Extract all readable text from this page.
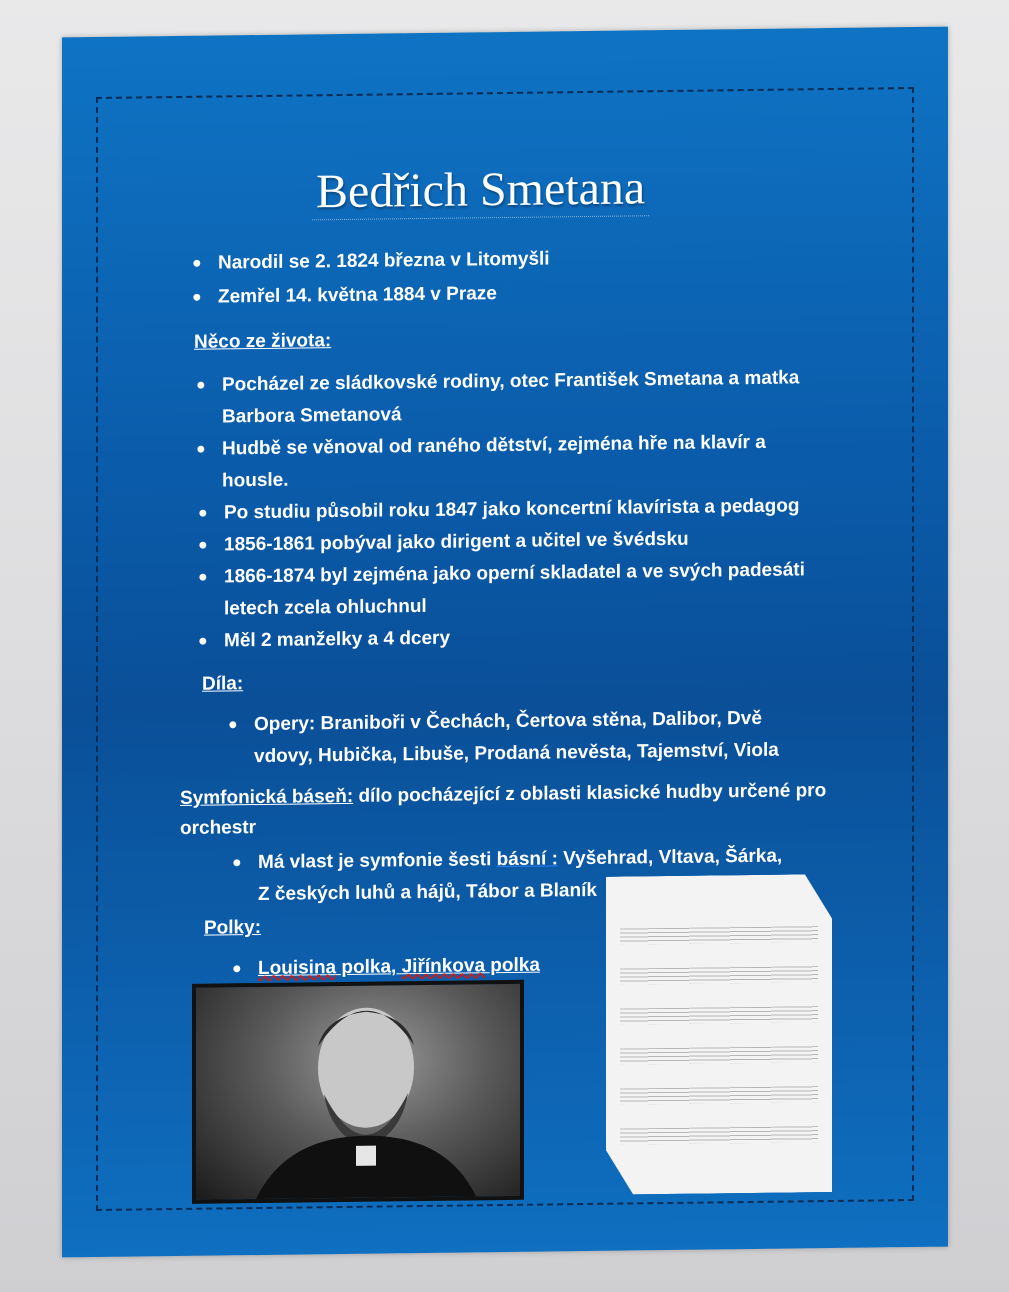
Bedřich Smetana
● Narodil se 2. 1824 března v Litomyšli
● Zemřel 14. května 1884 v Praze
Něco ze života:
● Pocházel ze sládkovské rodiny, otec František Smetana a matka
Barbora Smetanová
● Hudbě se věnoval od raného dětství, zejména hře na klavír a
housle.
● Po studiu působil roku 1847 jako koncertní klavírista a pedagog
● 1856-1861 pobýval jako dirigent a učitel ve švédsku
● 1866-1874 byl zejména jako operní skladatel a ve svých padesáti
letech zcela ohluchnul
● Měl 2 manželky a 4 dcery
Díla:
● Opery: Braniboři v Čechách, Čertova stěna, Dalibor, Dvě
vdovy, Hubička, Libuše, Prodaná nevěsta, Tajemství, Viola
Symfonická báseň: dílo pocházející z oblasti klasické hudby určené pro
orchestr
● Má vlast je symfonie šesti básní : Vyšehrad, Vltava, Šárka,
Z českých luhů a hájů, Tábor a Blaník
Polky:
● Louisina polka, Jiřínkova polka
